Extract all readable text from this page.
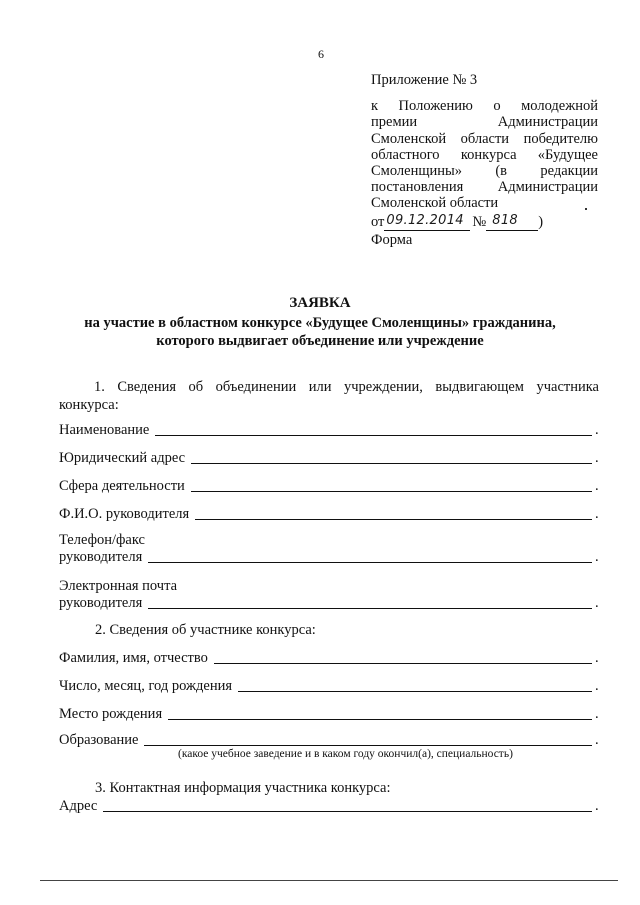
6
Приложение № 3
к Положению о молодежной
премии Администрации
Смоленской области победителю
областного конкурса «Будущее
Смоленщины» (в редакции
постановления Администрации
Смоленской области
от 09.12.2014 № 818 )
Форма
ЗАЯВКА
на участие в областном конкурсе «Будущее Смоленщины» гражданина,
которого выдвигает объединение или учреждение
1. Сведения об объединении или учреждении, выдвигающем участника
конкурса:
Наименование	.
Юридический адрес	.
Сфера деятельности	.
Ф.И.О. руководителя	.
Телефон/факс
руководителя	.
Электронная почта
руководителя	.
2. Сведения об участнике конкурса:
Фамилия, имя, отчество	.
Число, месяц, год рождения	.
Место рождения	.
Образование	.
(какое учебное заведение и в каком году окончил(а), специальность)
3. Контактная информация участника конкурса:
Адрес	.
